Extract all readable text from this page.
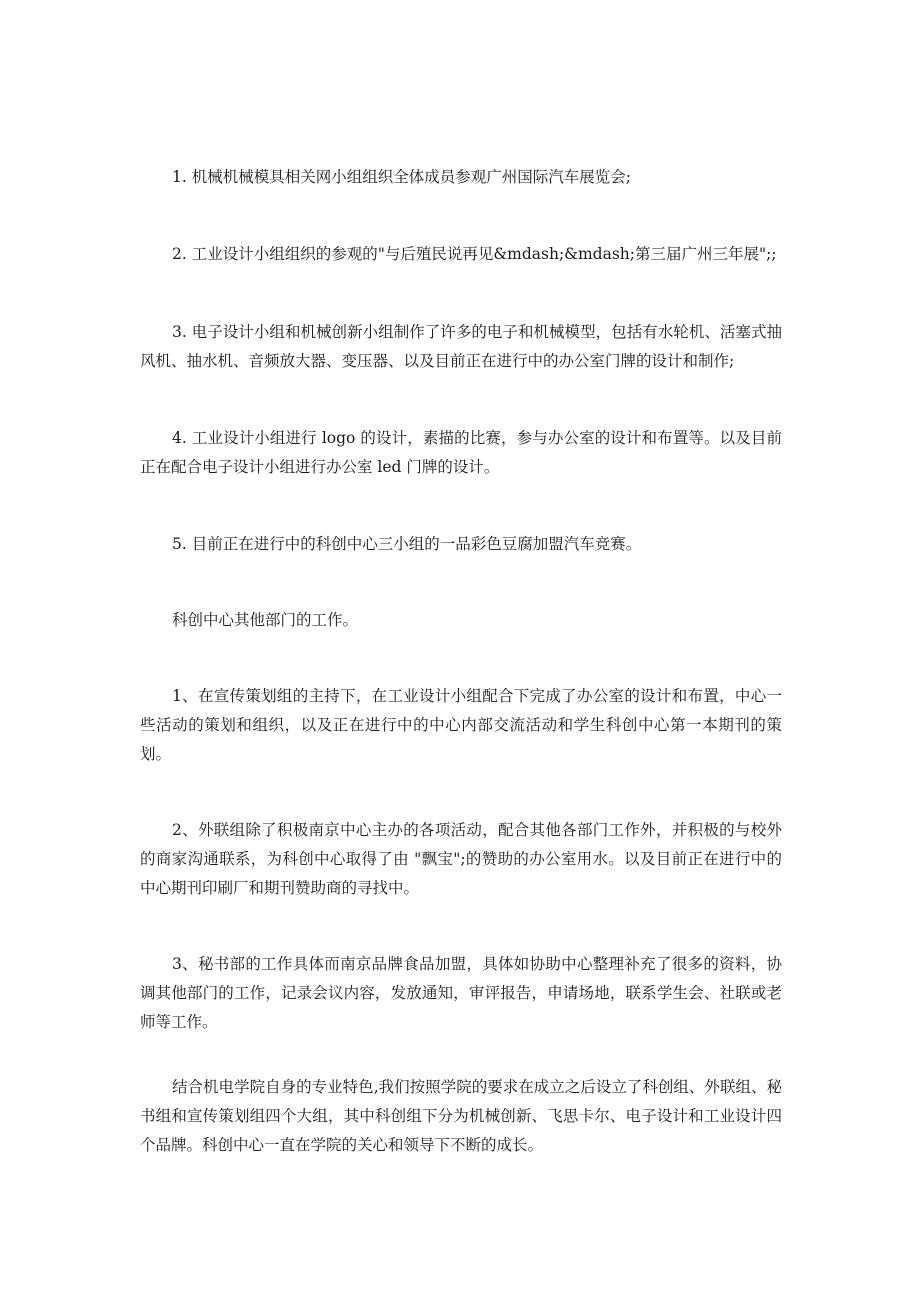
1. 机械机械模具相关网小组组织全体成员参观广州国际汽车展览会;

2. 工业设计小组组织的参观的"与后殖民说再见&mdash;&mdash;第三届广州三年展";;

3. 电子设计小组和机械创新小组制作了许多的电子和机械模型，包括有水轮机、活塞式抽风机、抽水机、音频放大器、变压器、以及目前正在进行中的办公室门牌的设计和制作;

4. 工业设计小组进行 logo 的设计，素描的比赛，参与办公室的设计和布置等。以及目前正在配合电子设计小组进行办公室 led 门牌的设计。

5. 目前正在进行中的科创中心三小组的一品彩色豆腐加盟汽车竞赛。

科创中心其他部门的工作。

1、在宣传策划组的主持下，在工业设计小组配合下完成了办公室的设计和布置，中心一些活动的策划和组织，以及正在进行中的中心内部交流活动和学生科创中心第一本期刊的策划。

2、外联组除了积极南京中心主办的各项活动，配合其他各部门工作外，并积极的与校外的商家沟通联系，为科创中心取得了由 "飘宝";的赞助的办公室用水。以及目前正在进行中的中心期刊印刷厂和期刊赞助商的寻找中。

3、秘书部的工作具体而南京品牌食品加盟，具体如协助中心整理补充了很多的资料，协调其他部门的工作，记录会议内容，发放通知，审评报告，申请场地，联系学生会、社联或老师等工作。

结合机电学院自身的专业特色,我们按照学院的要求在成立之后设立了科创组、外联组、秘书组和宣传策划组四个大组，其中科创组下分为机械创新、飞思卡尔、电子设计和工业设计四个品牌。科创中心一直在学院的关心和领导下不断的成长。
